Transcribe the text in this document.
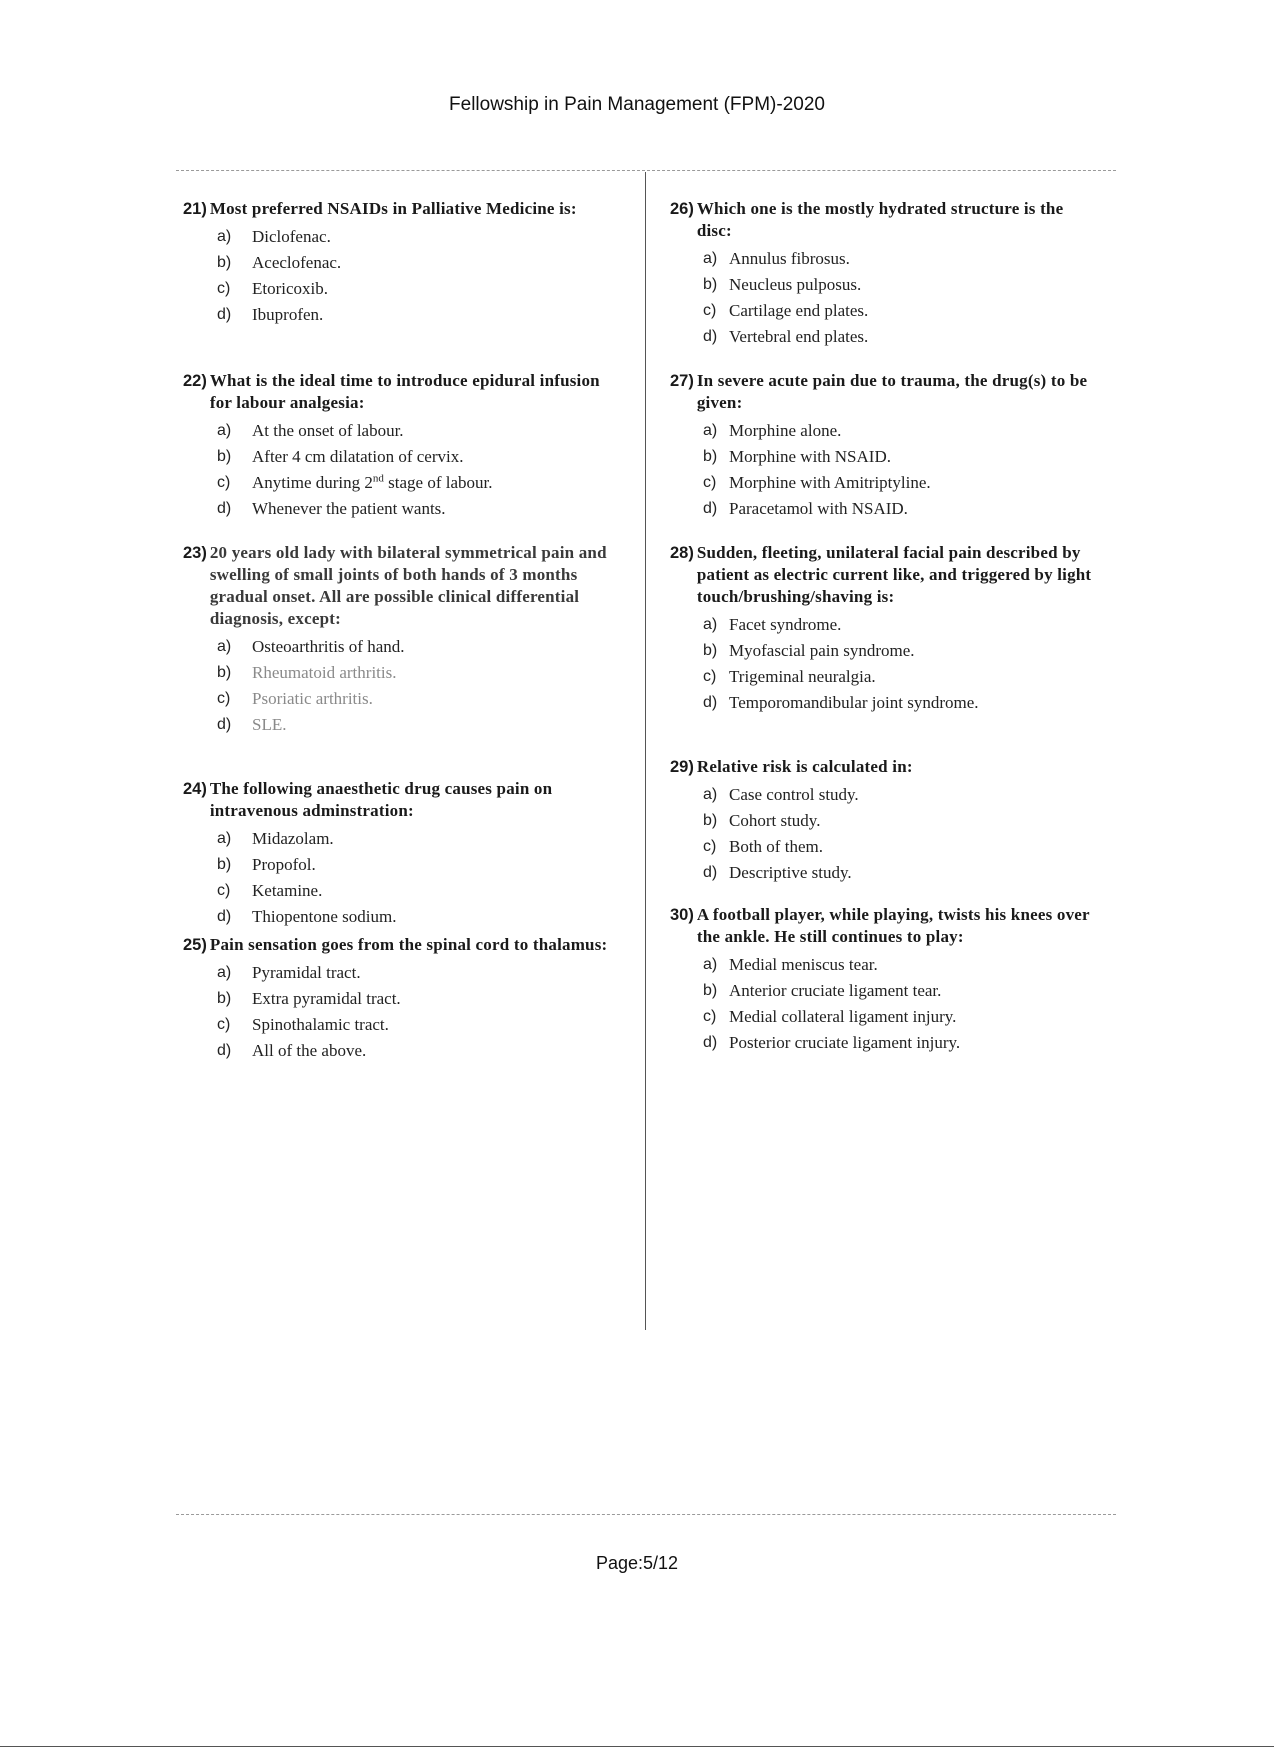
Fellowship in Pain Management (FPM)-2020
21) Most preferred NSAIDs in Palliative Medicine is:
a)	Diclofenac.
b)	Aceclofenac.
c)	Etoricoxib.
d)	Ibuprofen.
22) What is the ideal time to introduce epidural infusion for labour analgesia:
a)	At the onset of labour.
b)	After 4 cm dilatation of cervix.
c)	Anytime during 2nd stage of labour.
d)	Whenever the patient wants.
23) 20 years old lady with bilateral symmetrical pain and swelling of small joints of both hands of 3 months gradual onset. All are possible clinical differential diagnosis, except:
a)	Osteoarthritis of hand.
b)	Rheumatoid arthritis.
c)	Psoriatic arthritis.
d)	SLE.
24) The following anaesthetic drug causes pain on intravenous adminstration:
a)	Midazolam.
b)	Propofol.
c)	Ketamine.
d)	Thiopentone sodium.
25) Pain sensation goes from the spinal cord to thalamus:
a)	Pyramidal tract.
b)	Extra pyramidal tract.
c)	Spinothalamic tract.
d)	All of the above.
26) Which one is the mostly hydrated structure is the disc:
a) Annulus fibrosus.
b) Neucleus pulposus.
c) Cartilage end plates.
d) Vertebral end plates.
27) In severe acute pain due to trauma, the drug(s) to be given:
a) Morphine alone.
b) Morphine with NSAID.
c) Morphine with Amitriptyline.
d) Paracetamol with NSAID.
28) Sudden, fleeting, unilateral facial pain described by patient as electric current like, and triggered by light touch/brushing/shaving is:
a) Facet syndrome.
b) Myofascial pain syndrome.
c) Trigeminal neuralgia.
d) Temporomandibular joint syndrome.
29) Relative risk is calculated in:
a) Case control study.
b) Cohort study.
c) Both of them.
d) Descriptive study.
30) A football player, while playing, twists his knees over the ankle. He still continues to play:
a) Medial meniscus tear.
b) Anterior cruciate ligament tear.
c) Medial collateral ligament injury.
d) Posterior cruciate ligament injury.
Page:5/12
